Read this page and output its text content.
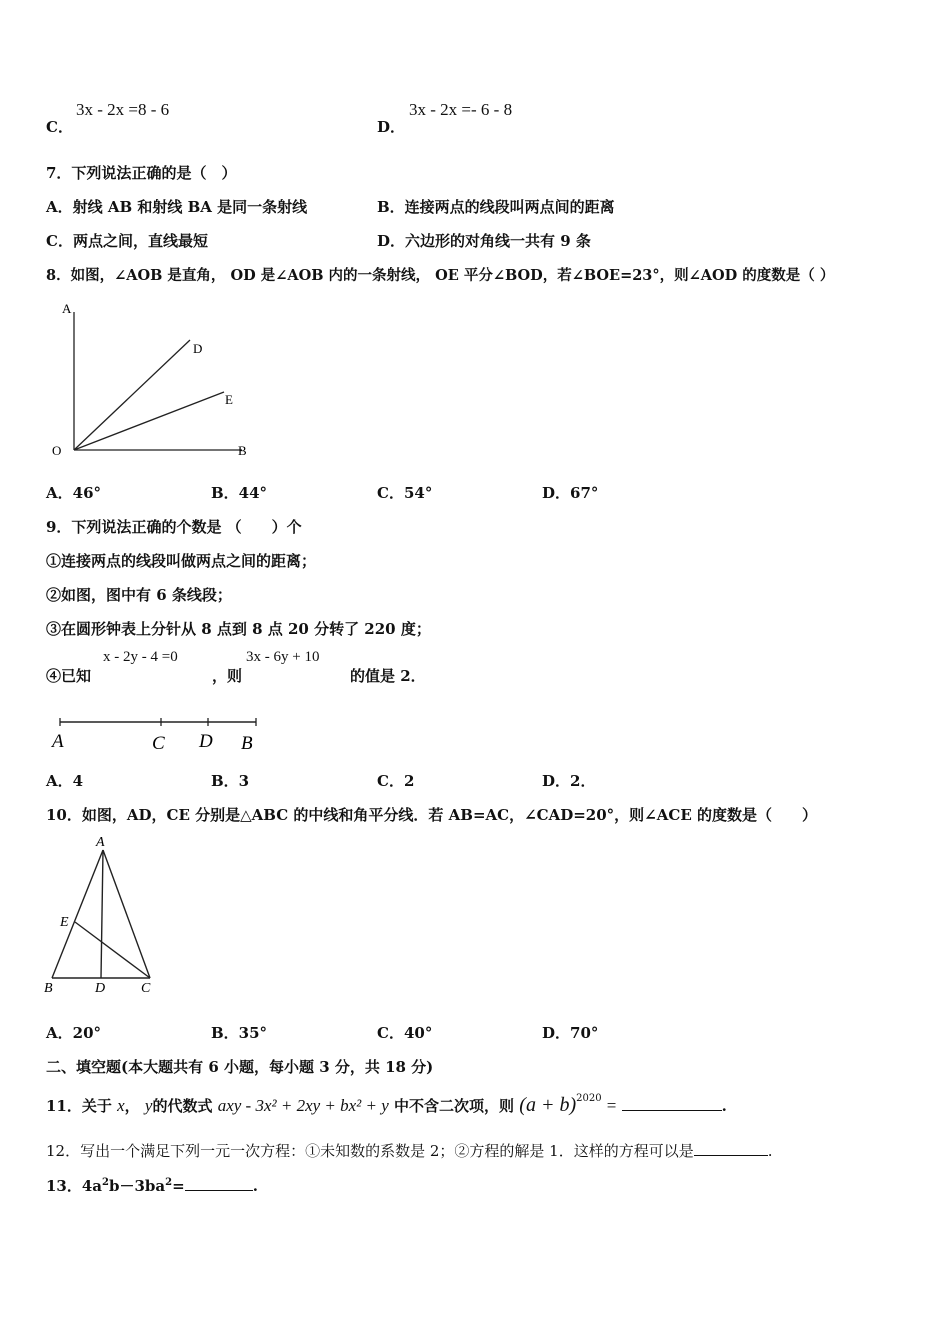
C．
3x - 2x =8 - 6
D．
3x - 2x =- 6 - 8
7．下列说法正确的是（　）
A．射线 AB 和射线 BA 是同一条射线	B．连接两点的线段叫两点间的距离
C．两点之间，直线最短	D．六边形的对角线一共有 9 条
8．如图，∠AOB 是直角， OD 是∠AOB 内的一条射线， OE 平分∠BOD，若∠BOE=23°，则∠AOD 的度数是（ ）
A
D
E
O	B
A．46°	B．44°	C．54°	D．67°
9．下列说法正确的个数是 （　　）个
①连接两点的线段叫做两点之间的距离；
②如图，图中有 6 条线段；
③在圆形钟表上分针从 8 点到 8 点 20 分转了 220 度；
④已知
x - 2y - 4 =0
，则
3x - 6y + 10
的值是 2．
A	C D B
A．4	B．3	C．2	D．2．
10．如图，AD，CE 分别是△ABC 的中线和角平分线．若 AB=AC，∠CAD=20°，则∠ACE 的度数是（　　）
A
E
B	D	C
A．20°	B．35°	C．40°	D．70°
二、填空题(本大题共有 6 小题，每小题 3 分，共 18 分)
11．关于 x， y的代数式 axy - 3x² + 2xy + bx² + y 中不含二次项，则 $(a + b)^{2020}$ =	.
12．写出一个满足下列一元一次方程：①未知数的系数是 2；②方程的解是 1．这样的方程可以是	.
13．$4a^2b-3ba^2=$	.
